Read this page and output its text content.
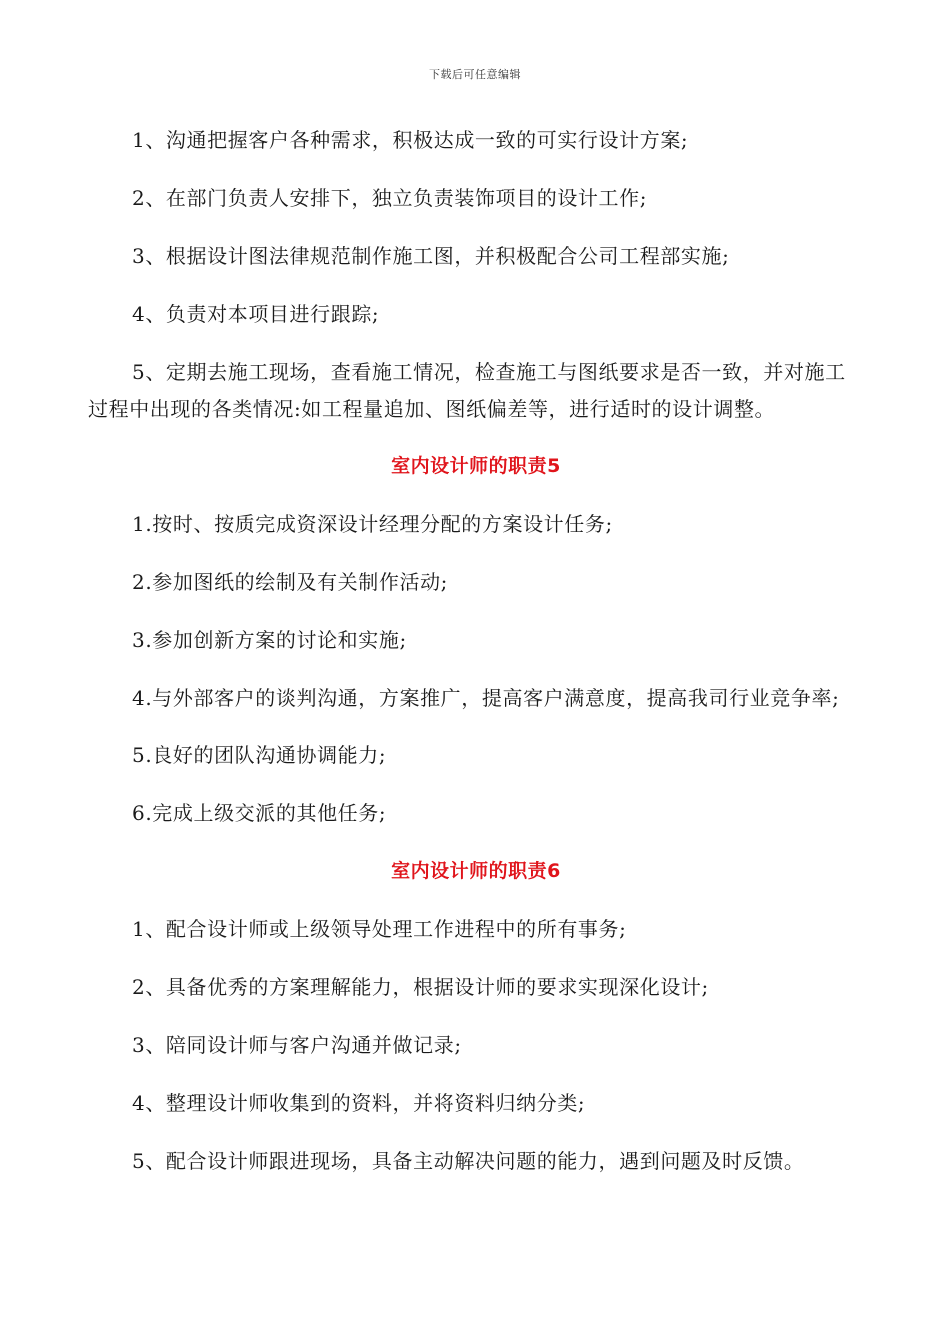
下载后可任意编辑

1、沟通把握客户各种需求，积极达成一致的可实行设计方案;

2、在部门负责人安排下，独立负责装饰项目的设计工作;

3、根据设计图法律规范制作施工图，并积极配合公司工程部实施;

4、负责对本项目进行跟踪;

5、定期去施工现场，查看施工情况，检查施工与图纸要求是否一致，并对施工过程中出现的各类情况:如工程量追加、图纸偏差等，进行适时的设计调整。

室内设计师的职责5

1.按时、按质完成资深设计经理分配的方案设计任务;

2.参加图纸的绘制及有关制作活动;

3.参加创新方案的讨论和实施;

4.与外部客户的谈判沟通，方案推广，提高客户满意度，提高我司行业竞争率;

5.良好的团队沟通协调能力;

6.完成上级交派的其他任务;

室内设计师的职责6

1、配合设计师或上级领导处理工作进程中的所有事务;

2、具备优秀的方案理解能力，根据设计师的要求实现深化设计;

3、陪同设计师与客户沟通并做记录;

4、整理设计师收集到的资料，并将资料归纳分类;

5、配合设计师跟进现场，具备主动解决问题的能力，遇到问题及时反馈。
